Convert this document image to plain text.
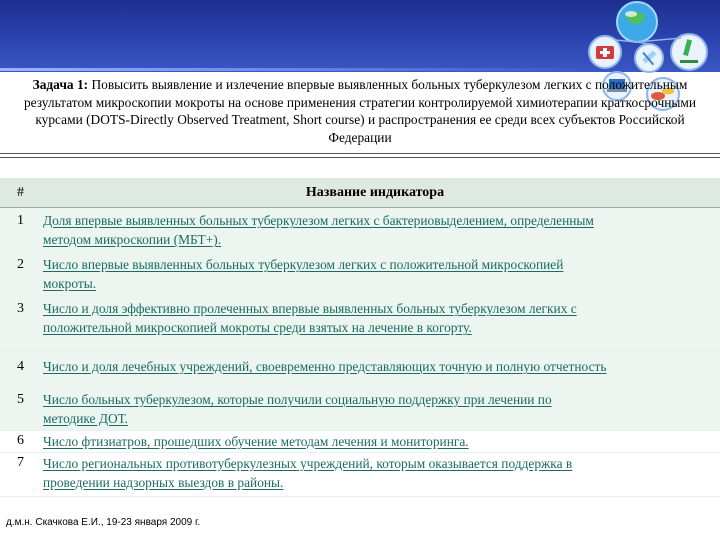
Задача 1: Повысить выявление и излечение впервые выявленных больных туберкулезом легких с положительным результатом микроскопии мокроты на основе применения стратегии контролируемой химиотерапии краткосрочными курсами (DOTS-Directly Observed Treatment, Short course) и распространения ее среди всех субъектов Российской Федерации
#	Название индикатора
1 Доля впервые выявленных больных туберкулезом легких с бактериовыделением, определенным
методом микроскопии (МБТ+).
2 Число впервые выявленных больных туберкулезом легких с положительной микроскопией
мокроты.
3 Число и доля эффективно пролеченных впервые выявленных больных туберкулезом легких с
положительной микроскопией мокроты среди взятых на лечение в когорту.
4 Число и доля лечебных учреждений, своевременно представляющих точную и полную отчетность
5 Число больных туберкулезом, которые получили социальную поддержку при лечении по
методике ДОТ.
6 Число фтизиатров, прошедших обучение методам лечения и мониторинга.
7 Число региональных противотуберкулезных учреждений, которым оказывается поддержка в
проведении надзорных выездов в районы.
д.м.н. Скачкова Е.И., 19-23 января 2009 г.
